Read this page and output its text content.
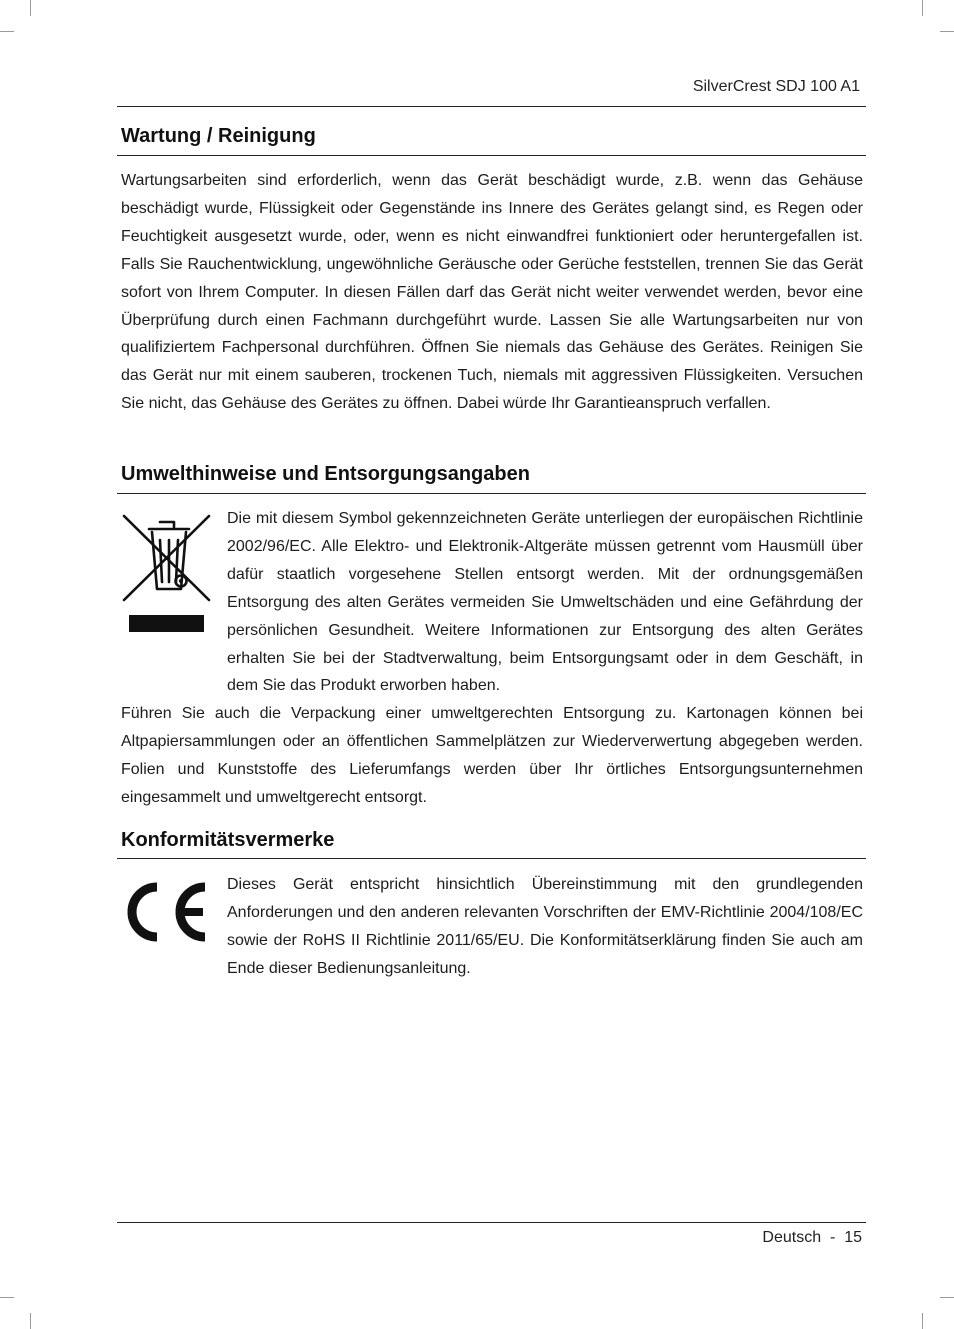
SilverCrest SDJ 100 A1
Wartung / Reinigung

Wartungsarbeiten sind erforderlich, wenn das Gerät beschädigt wurde, z.B. wenn das Gehäuse beschädigt wurde, Flüssigkeit oder Gegenstände ins Innere des Gerätes gelangt sind, es Regen oder Feuchtigkeit ausgesetzt wurde, oder, wenn es nicht einwandfrei funktioniert oder heruntergefallen ist. Falls Sie Rauchentwicklung, ungewöhnliche Geräusche oder Gerüche feststellen, trennen Sie das Gerät sofort von Ihrem Computer. In diesen Fällen darf das Gerät nicht weiter verwendet werden, bevor eine Überprüfung durch einen Fachmann durchgeführt wurde. Lassen Sie alle Wartungsarbeiten nur von qualifiziertem Fachpersonal durchführen. Öffnen Sie niemals das Gehäuse des Gerätes. Reinigen Sie das Gerät nur mit einem sauberen, trockenen Tuch, niemals mit aggressiven Flüssigkeiten. Versuchen Sie nicht, das Gehäuse des Gerätes zu öffnen. Dabei würde Ihr Garantieanspruch verfallen.

Umwelthinweise und Entsorgungsangaben

Die mit diesem Symbol gekennzeichneten Geräte unterliegen der europäischen Richtlinie 2002/96/EC. Alle Elektro- und Elektronik-Altgeräte müssen getrennt vom Hausmüll über dafür staatlich vorgesehene Stellen entsorgt werden. Mit der ordnungsgemäßen Entsorgung des alten Gerätes vermeiden Sie Umweltschäden und eine Gefährdung der persönlichen Gesundheit. Weitere Informationen zur Entsorgung des alten Gerätes erhalten Sie bei der Stadtverwaltung, beim Entsorgungsamt oder in dem Geschäft, in dem Sie das Produkt erworben haben.

Führen Sie auch die Verpackung einer umweltgerechten Entsorgung zu. Kartonagen können bei Altpapiersammlungen oder an öffentlichen Sammelplätzen zur Wiederverwertung abgegeben werden. Folien und Kunststoffe des Lieferumfangs werden über Ihr örtliches Entsorgungsunternehmen eingesammelt und umweltgerecht entsorgt.

Konformitätsvermerke

Dieses Gerät entspricht hinsichtlich Übereinstimmung mit den grundlegenden Anforderungen und den anderen relevanten Vorschriften der EMV-Richtlinie 2004/108/EC sowie der RoHS II Richtlinie 2011/65/EU. Die Konformitätserklärung finden Sie auch am Ende dieser Bedienungsanleitung.

Deutsch  -  15
